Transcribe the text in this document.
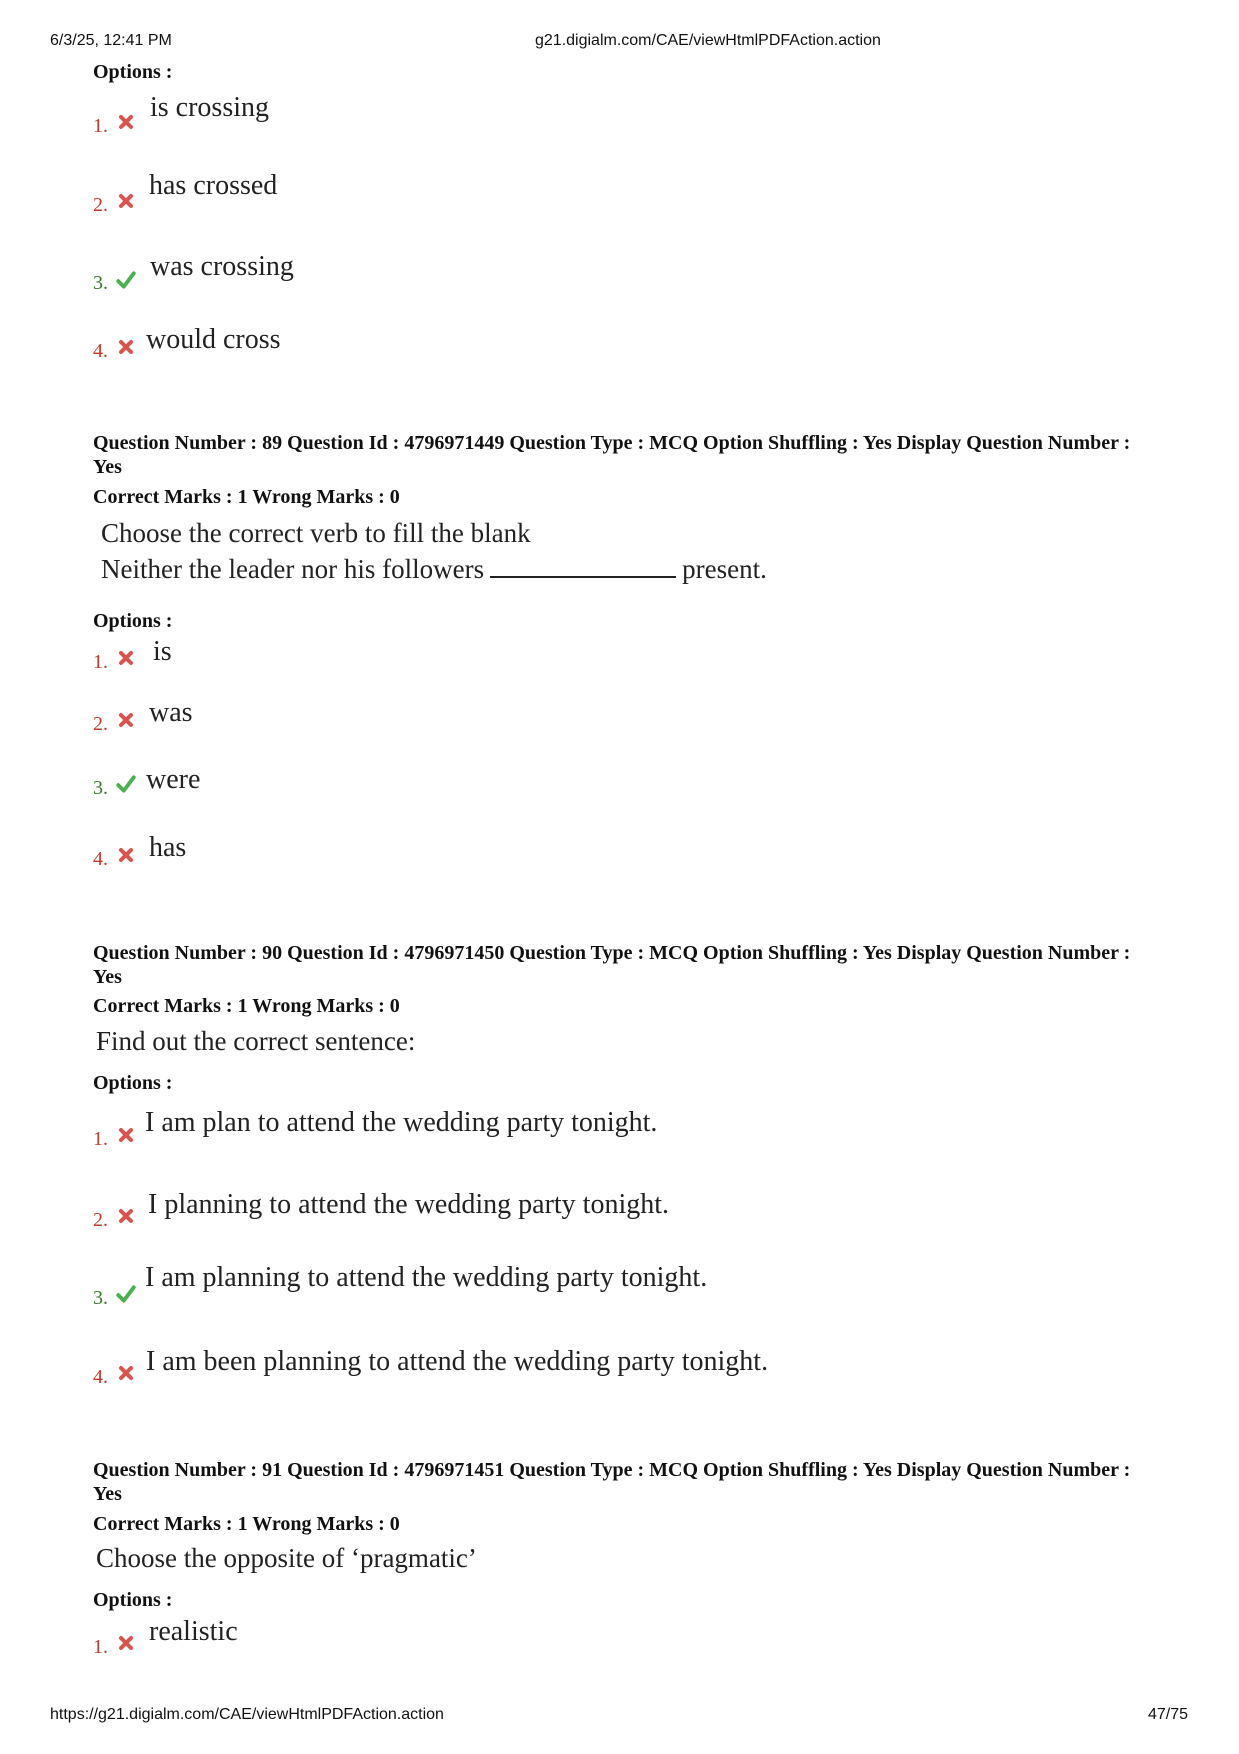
6/3/25, 12:41 PM	g21.digialm.com/CAE/viewHtmlPDFAction.action
Options :
1.
is crossing
2.
has crossed
3.
was crossing
4. would cross
Question Number : 89 Question Id : 4796971449 Question Type : MCQ Option Shuffling : Yes Display Question Number : Yes
Correct Marks : 1 Wrong Marks : 0
Choose the correct verb to fill the blank
Neither the leader nor his followers	present.
Options :
1. is
2. was
3. were
4. has
Question Number : 90 Question Id : 4796971450 Question Type : MCQ Option Shuffling : Yes Display Question Number : Yes
Correct Marks : 1 Wrong Marks : 0
Find out the correct sentence:
Options :
1.
I am plan to attend the wedding party tonight.
2. I planning to attend the wedding party tonight.
3.
I am planning to attend the wedding party tonight.
4. I am been planning to attend the wedding party tonight.
Question Number : 91 Question Id : 4796971451 Question Type : MCQ Option Shuffling : Yes Display Question Number : Yes
Correct Marks : 1 Wrong Marks : 0
Choose the opposite of ‘pragmatic’
Options :
1. realistic
https://g21.digialm.com/CAE/viewHtmlPDFAction.action	47/75
